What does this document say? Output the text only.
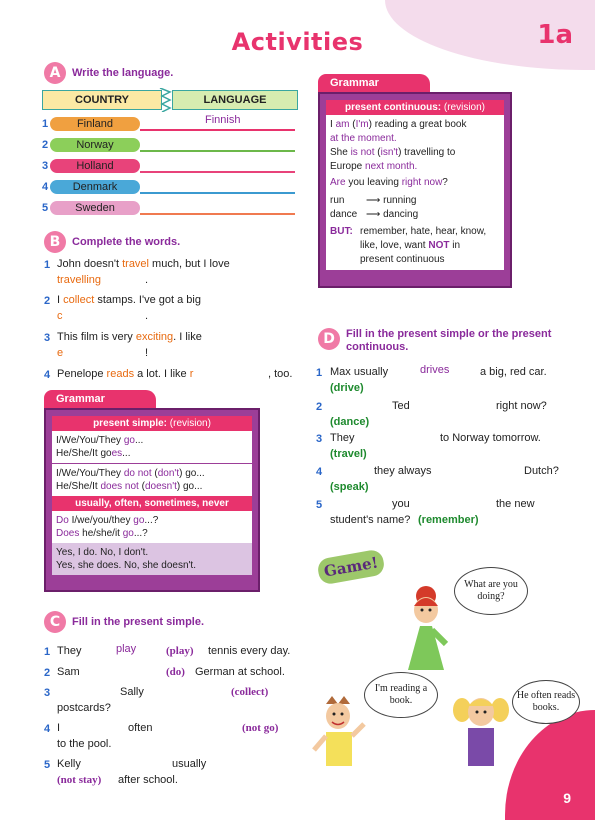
Activities	1a
9
A	Write the language.
COUNTRY	LANGUAGE
1	Finland	Finnish
2	Norway
3	Holland
4	Denmark
5	Sweden
B	Complete the words.
1 John doesn't travel much, but I love
travelling	.
2 I collect stamps. I've got a big
c	.
3 This film is very exciting. I like
e	!
4 Penelope reads a lot. I like r	, too.
Grammar
present simple: (revision)
I/We/You/They go...
He/She/It goes...
I/We/You/They do not (don't) go...
He/She/It does not (doesn't) go...
usually, often, sometimes, never
Do I/we/you/they go...?
Does he/she/it go...?
Yes, I do. No, I don't.
Yes, she does. No, she doesn't.
C	Fill in the present simple.
1 They	play	(play) tennis every day.
2 Sam	(do) German at school.
3	Sally	(collect)
postcards?
4 I	often	(not go)
to the pool.
5 Kelly	usually
(not stay) after school.
Grammar
present continuous: (revision)
I am (I'm) reading a great book
at the moment.
She is not (isn't) travelling to
Europe next month.
Are you leaving right now?
run ⟶ running
dance ⟶ dancing
BUT: remember, hate, hear, know,
like, love, want NOT in
present continuous
D	Fill in the present simple or the present continuous.
1 Max usually	drives	a big, red car.
(drive)
2	Ted	right now?
(dance)
3 They	to Norway tomorrow.
(travel)
4	they always	Dutch?
(speak)
5	you	the new
student's name? (remember)
Game!
What are you doing?
I'm reading a book.	He often reads books.
